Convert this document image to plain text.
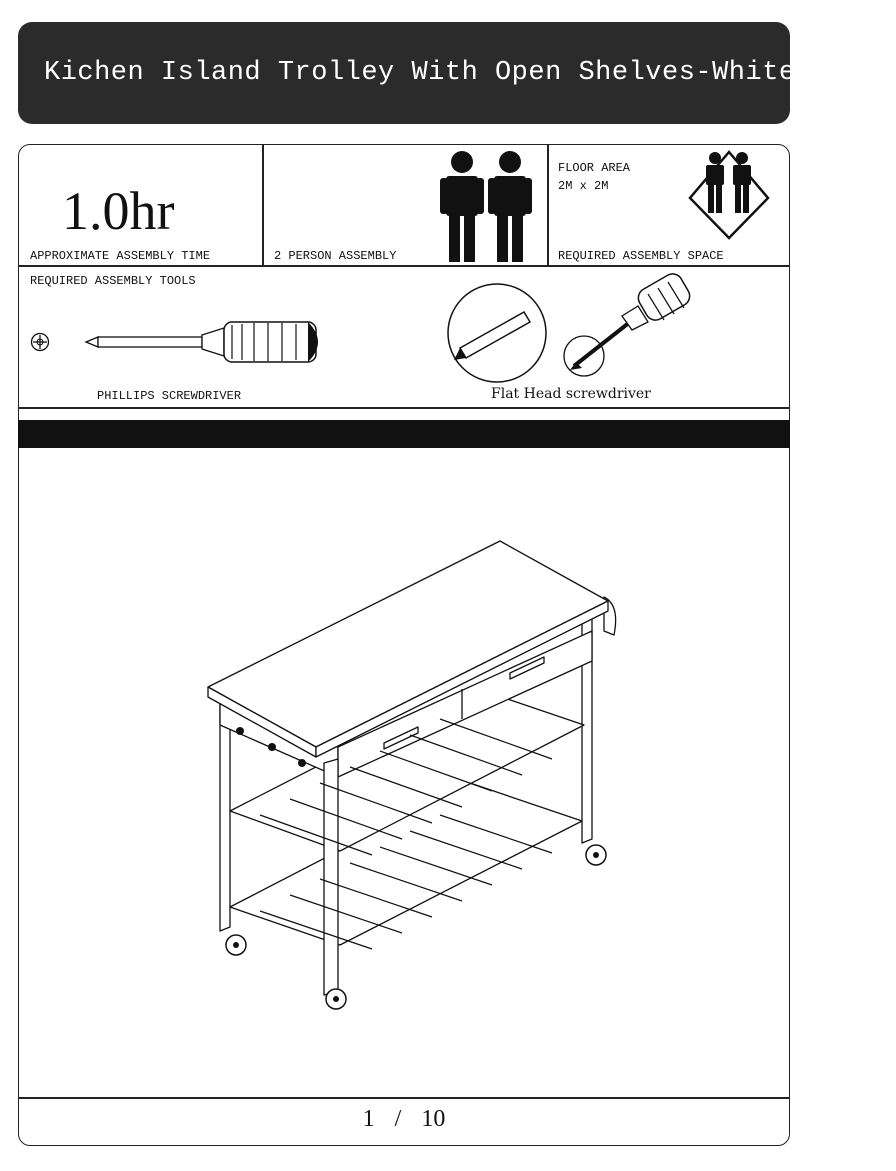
Kichen Island Trolley With Open Shelves-White/Black
1.0hr
APPROXIMATE ASSEMBLY TIME	2 PERSON ASSEMBLY
FLOOR AREA
2M x 2M
REQUIRED ASSEMBLY SPACE
REQUIRED ASSEMBLY TOOLS
PHILLIPS SCREWDRIVER	Flat Head screwdriver
1 / 10
